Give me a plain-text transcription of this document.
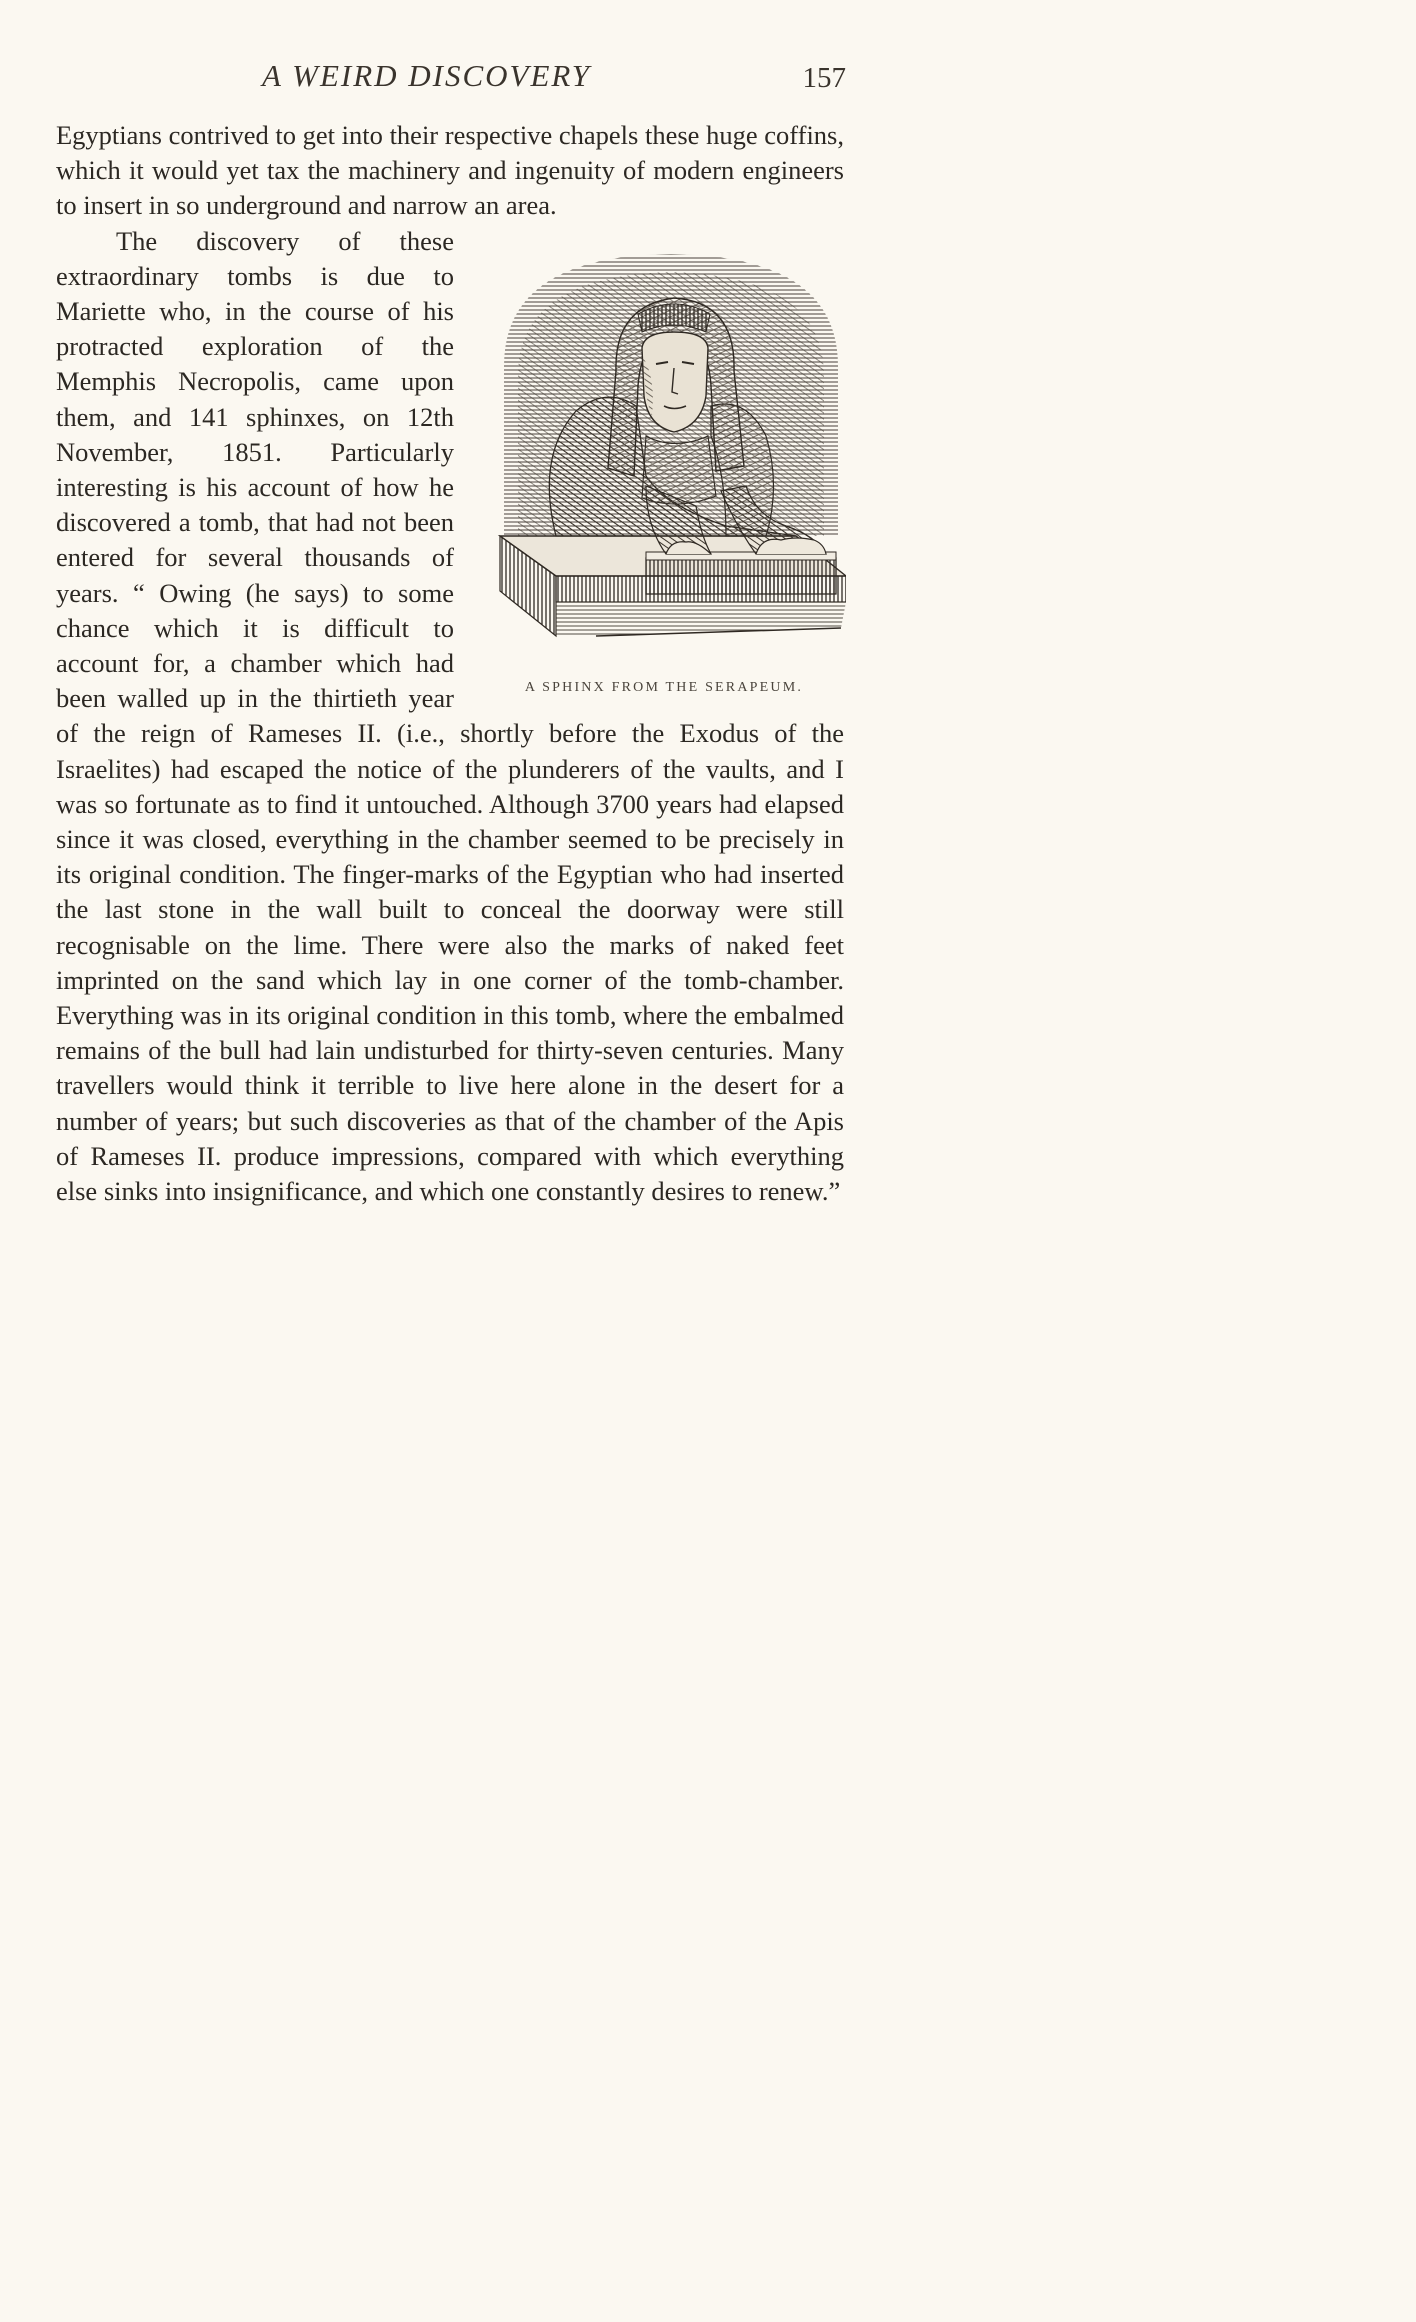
A WEIRD DISCOVERY	157

Egyptians contrived to get into their respective chapels these huge coffins, which it would yet tax the machinery and ingenuity of modern engineers to insert in so underground and narrow an area.

A SPHINX FROM THE SERAPEUM.

The discovery of these extraordinary tombs is due to Mariette who, in the course of his protracted exploration of the Memphis Necropolis, came upon them, and 141 sphinxes, on 12th November, 1851. Particularly interesting is his account of how he discovered a tomb, that had not been entered for several thousands of years. “ Owing (he says) to some chance which it is difficult to account for, a chamber which had been walled up in the thirtieth year of the reign of Rameses II. (i.e., shortly before the Exodus of the Israelites) had escaped the notice of the plunderers of the vaults, and I was so fortunate as to find it untouched. Although 3700 years had elapsed since it was closed, everything in the chamber seemed to be precisely in its original condition. The finger-marks of the Egyptian who had inserted the last stone in the wall built to conceal the doorway were still recognisable on the lime. There were also the marks of naked feet imprinted on the sand which lay in one corner of the tomb-chamber. Everything was in its original condition in this tomb, where the embalmed remains of the bull had lain undisturbed for thirty-seven centuries. Many travellers would think it terrible to live here alone in the desert for a number of years; but such discoveries as that of the chamber of the Apis of Rameses II. produce impressions, compared with which everything else sinks into insignificance, and which one constantly desires to renew.”
